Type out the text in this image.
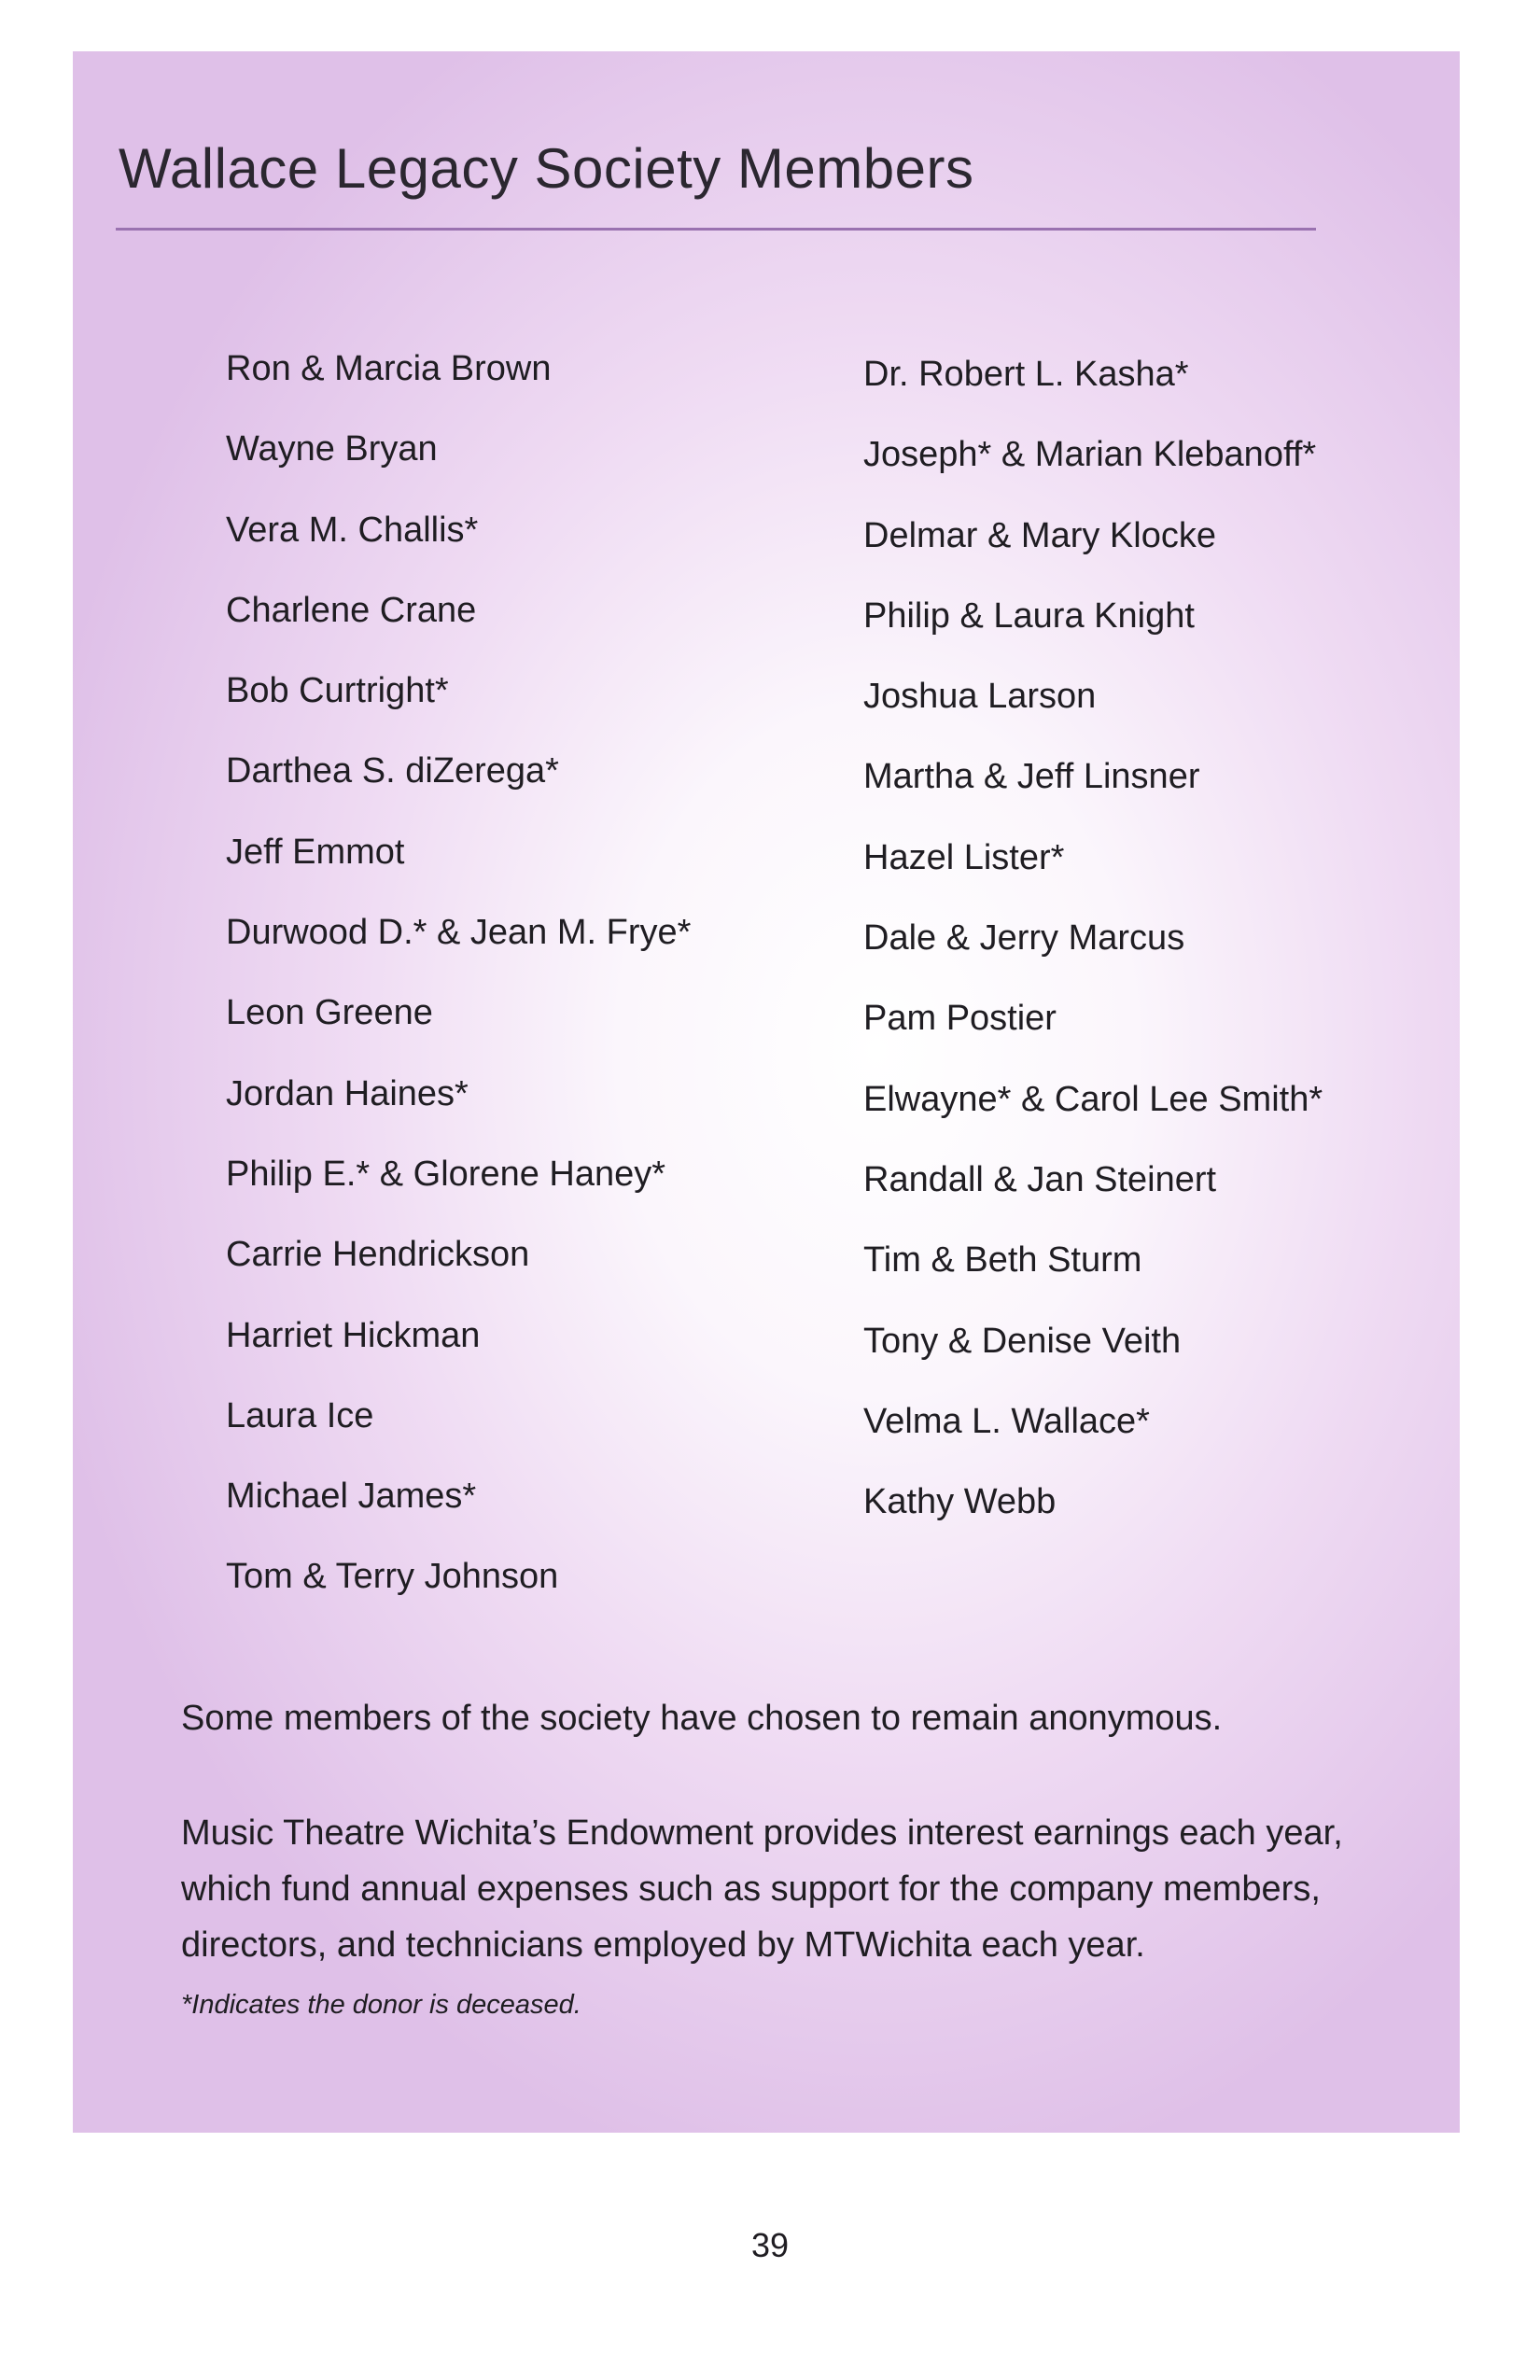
Wallace Legacy Society Members
Ron & Marcia Brown
Wayne Bryan
Vera M. Challis*
Charlene Crane
Bob Curtright*
Darthea S. diZerega*
Jeff Emmot
Durwood D.* & Jean M. Frye*
Leon Greene
Jordan Haines*
Philip E.* & Glorene Haney*
Carrie Hendrickson
Harriet Hickman
Laura Ice
Michael James*
Tom & Terry Johnson
Dr. Robert L. Kasha*
Joseph* & Marian Klebanoff*
Delmar & Mary Klocke
Philip & Laura Knight
Joshua Larson
Martha & Jeff Linsner
Hazel Lister*
Dale & Jerry Marcus
Pam Postier
Elwayne* & Carol Lee Smith*
Randall & Jan Steinert
Tim & Beth Sturm
Tony & Denise Veith
Velma L. Wallace*
Kathy Webb

Some members of the society have chosen to remain anonymous.

Music Theatre Wichita’s Endowment provides interest earnings each year, which fund annual expenses such as support for the company members, directors, and technicians employed by MTWichita each year.

*Indicates the donor is deceased.

39
